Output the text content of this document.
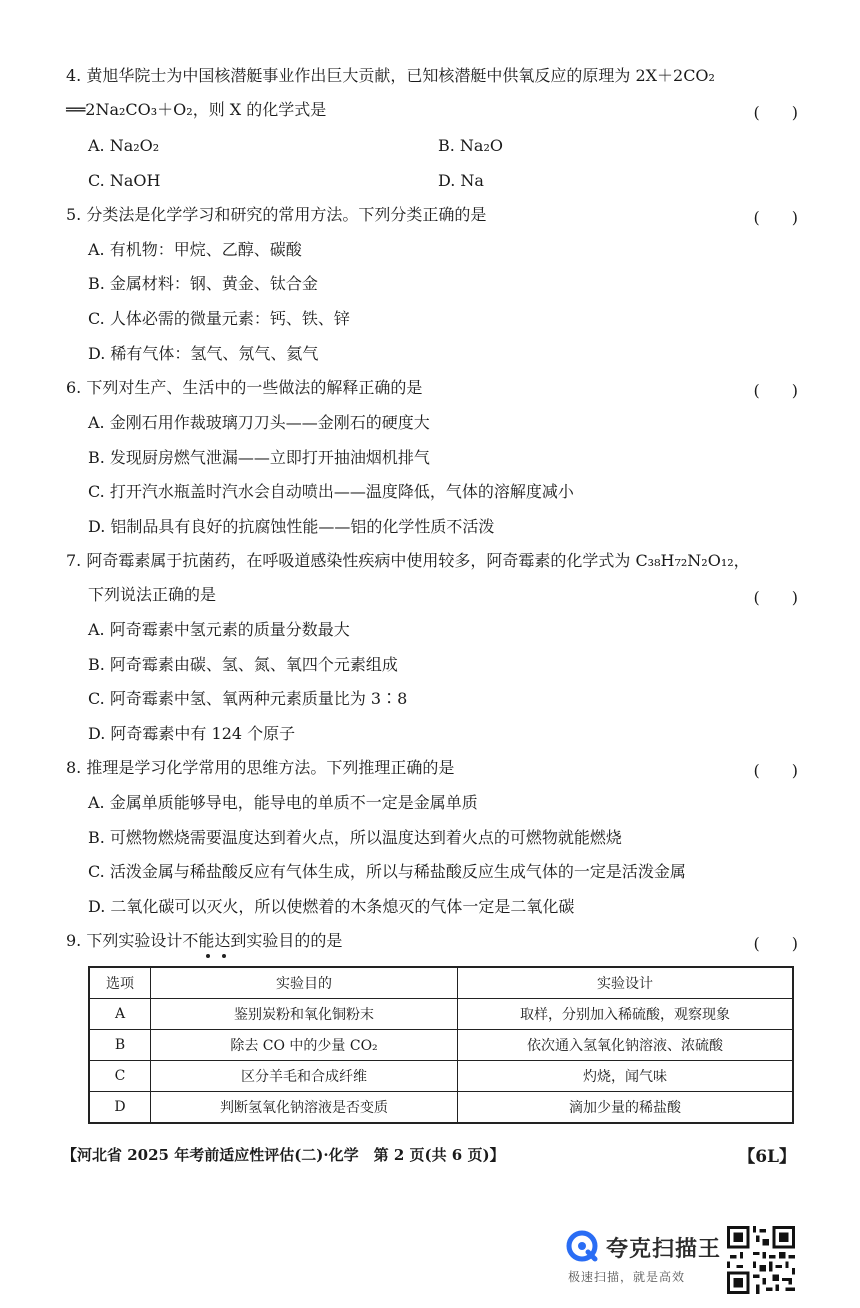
4. 黄旭华院士为中国核潜艇事业作出巨大贡献，已知核潜艇中供氧反应的原理为 2X＋2CO₂
══2Na₂CO₃＋O₂，则 X 的化学式是	(　　)
A. Na₂O₂	B. Na₂O
C. NaOH	D. Na
5. 分类法是化学学习和研究的常用方法。下列分类正确的是	(　　)
A. 有机物：甲烷、乙醇、碳酸
B. 金属材料：钢、黄金、钛合金
C. 人体必需的微量元素：钙、铁、锌
D. 稀有气体：氢气、氖气、氦气
6. 下列对生产、生活中的一些做法的解释正确的是	(　　)
A. 金刚石用作裁玻璃刀刀头——金刚石的硬度大
B. 发现厨房燃气泄漏——立即打开抽油烟机排气
C. 打开汽水瓶盖时汽水会自动喷出——温度降低，气体的溶解度减小
D. 铝制品具有良好的抗腐蚀性能——铝的化学性质不活泼
7. 阿奇霉素属于抗菌药，在呼吸道感染性疾病中使用较多，阿奇霉素的化学式为 C₃₈H₇₂N₂O₁₂，
下列说法正确的是	(　　)
A. 阿奇霉素中氢元素的质量分数最大
B. 阿奇霉素由碳、氢、氮、氧四个元素组成
C. 阿奇霉素中氢、氧两种元素质量比为 3∶8
D. 阿奇霉素中有 124 个原子
8. 推理是学习化学常用的思维方法。下列推理正确的是	(　　)
A. 金属单质能够导电，能导电的单质不一定是金属单质
B. 可燃物燃烧需要温度达到着火点，所以温度达到着火点的可燃物就能燃烧
C. 活泼金属与稀盐酸反应有气体生成，所以与稀盐酸反应生成气体的一定是活泼金属
D. 二氧化碳可以灭火，所以使燃着的木条熄灭的气体一定是二氧化碳
9. 下列实验设计不能达到实验目的的是	(　　)
选项	实验目的	实验设计
A	鉴别炭粉和氧化铜粉末	取样，分别加入稀硫酸，观察现象
B	除去 CO 中的少量 CO₂	依次通入氢氧化钠溶液、浓硫酸
C	区分羊毛和合成纤维	灼烧，闻气味
D	判断氢氧化钠溶液是否变质	滴加少量的稀盐酸
【河北省 2025 年考前适应性评估(二)·化学　第 2 页(共 6 页)】	【6L】
夸克扫描王
极速扫描，就是高效
